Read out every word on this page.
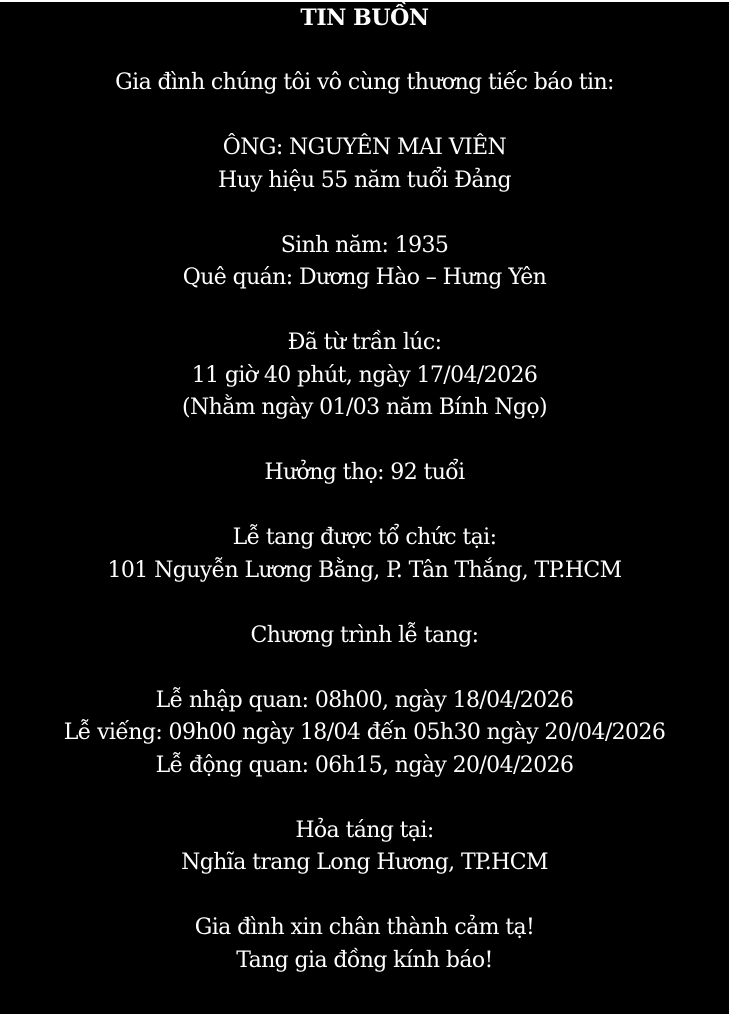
TIN BUỒN
Gia đình chúng tôi vô cùng thương tiếc báo tin:
ÔNG: NGUYÊN MAI VIÊN
Huy hiệu 55 năm tuổi Đảng
Sinh năm: 1935
Quê quán: Dương Hào – Hưng Yên
Đã từ trần lúc:
11 giờ 40 phút, ngày 17/04/2026
(Nhằm ngày 01/03 năm Bính Ngọ)
Hưởng thọ: 92 tuổi
Lễ tang được tổ chức tại:
101 Nguyễn Lương Bằng, P. Tân Thắng, TP.HCM
Chương trình lễ tang:
Lễ nhập quan: 08h00, ngày 18/04/2026
Lễ viếng: 09h00 ngày 18/04 đến 05h30 ngày 20/04/2026
Lễ động quan: 06h15, ngày 20/04/2026
Hỏa táng tại:
Nghĩa trang Long Hương, TP.HCM
Gia đình xin chân thành cảm tạ!
Tang gia đồng kính báo!
